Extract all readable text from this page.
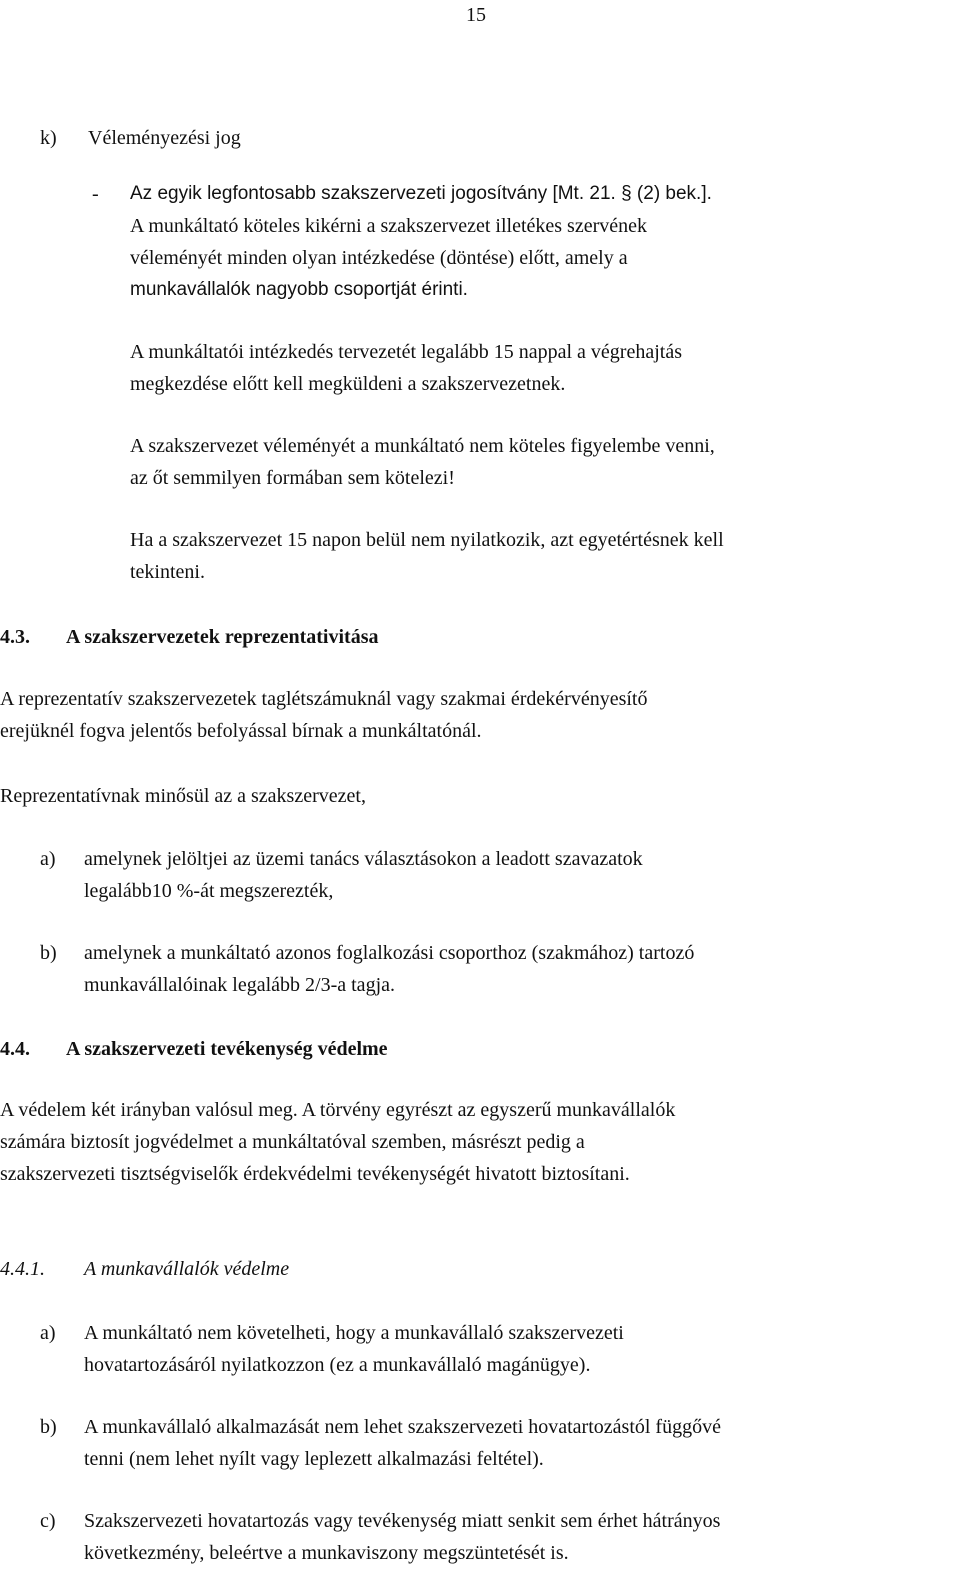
15
k) Véleményezési jog
- Az egyik legfontosabb szakszervezeti jogosítvány [Mt. 21. § (2) bek.].
A munkáltató köteles kikérni a szakszervezet illetékes szervének
véleményét minden olyan intézkedése (döntése) előtt, amely a
munkavállalók nagyobb csoportját érinti.
A munkáltatói intézkedés tervezetét legalább 15 nappal a végrehajtás
megkezdése előtt kell megküldeni a szakszervezetnek.
A szakszervezet véleményét a munkáltató nem köteles figyelembe venni,
az őt semmilyen formában sem kötelezi!
Ha a szakszervezet 15 napon belül nem nyilatkozik, azt egyetértésnek kell
tekinteni.
4.3. A szakszervezetek reprezentativitása
A reprezentatív szakszervezetek taglétszámuknál vagy szakmai érdekérvényesítő
erejüknél fogva jelentős befolyással bírnak a munkáltatónál.
Reprezentatívnak minősül az a szakszervezet,
a) amelynek jelöltjei az üzemi tanács választásokon a leadott szavazatok
legalább10 %-át megszerezték,
b) amelynek a munkáltató azonos foglalkozási csoporthoz (szakmához) tartozó
munkavállalóinak legalább 2/3-a tagja.
4.4. A szakszervezeti tevékenység védelme
A védelem két irányban valósul meg. A törvény egyrészt az egyszerű munkavállalók
számára biztosít jogvédelmet a munkáltatóval szemben, másrészt pedig a
szakszervezeti tisztségviselők érdekvédelmi tevékenységét hivatott biztosítani.
4.4.1. A munkavállalók védelme
a) A munkáltató nem követelheti, hogy a munkavállaló szakszervezeti
hovatartozásáról nyilatkozzon (ez a munkavállaló magánügye).
b) A munkavállaló alkalmazását nem lehet szakszervezeti hovatartozástól függővé
tenni (nem lehet nyílt vagy leplezett alkalmazási feltétel).
c) Szakszervezeti hovatartozás vagy tevékenység miatt senkit sem érhet hátrányos
következmény, beleértve a munkaviszony megszüntetését is.
